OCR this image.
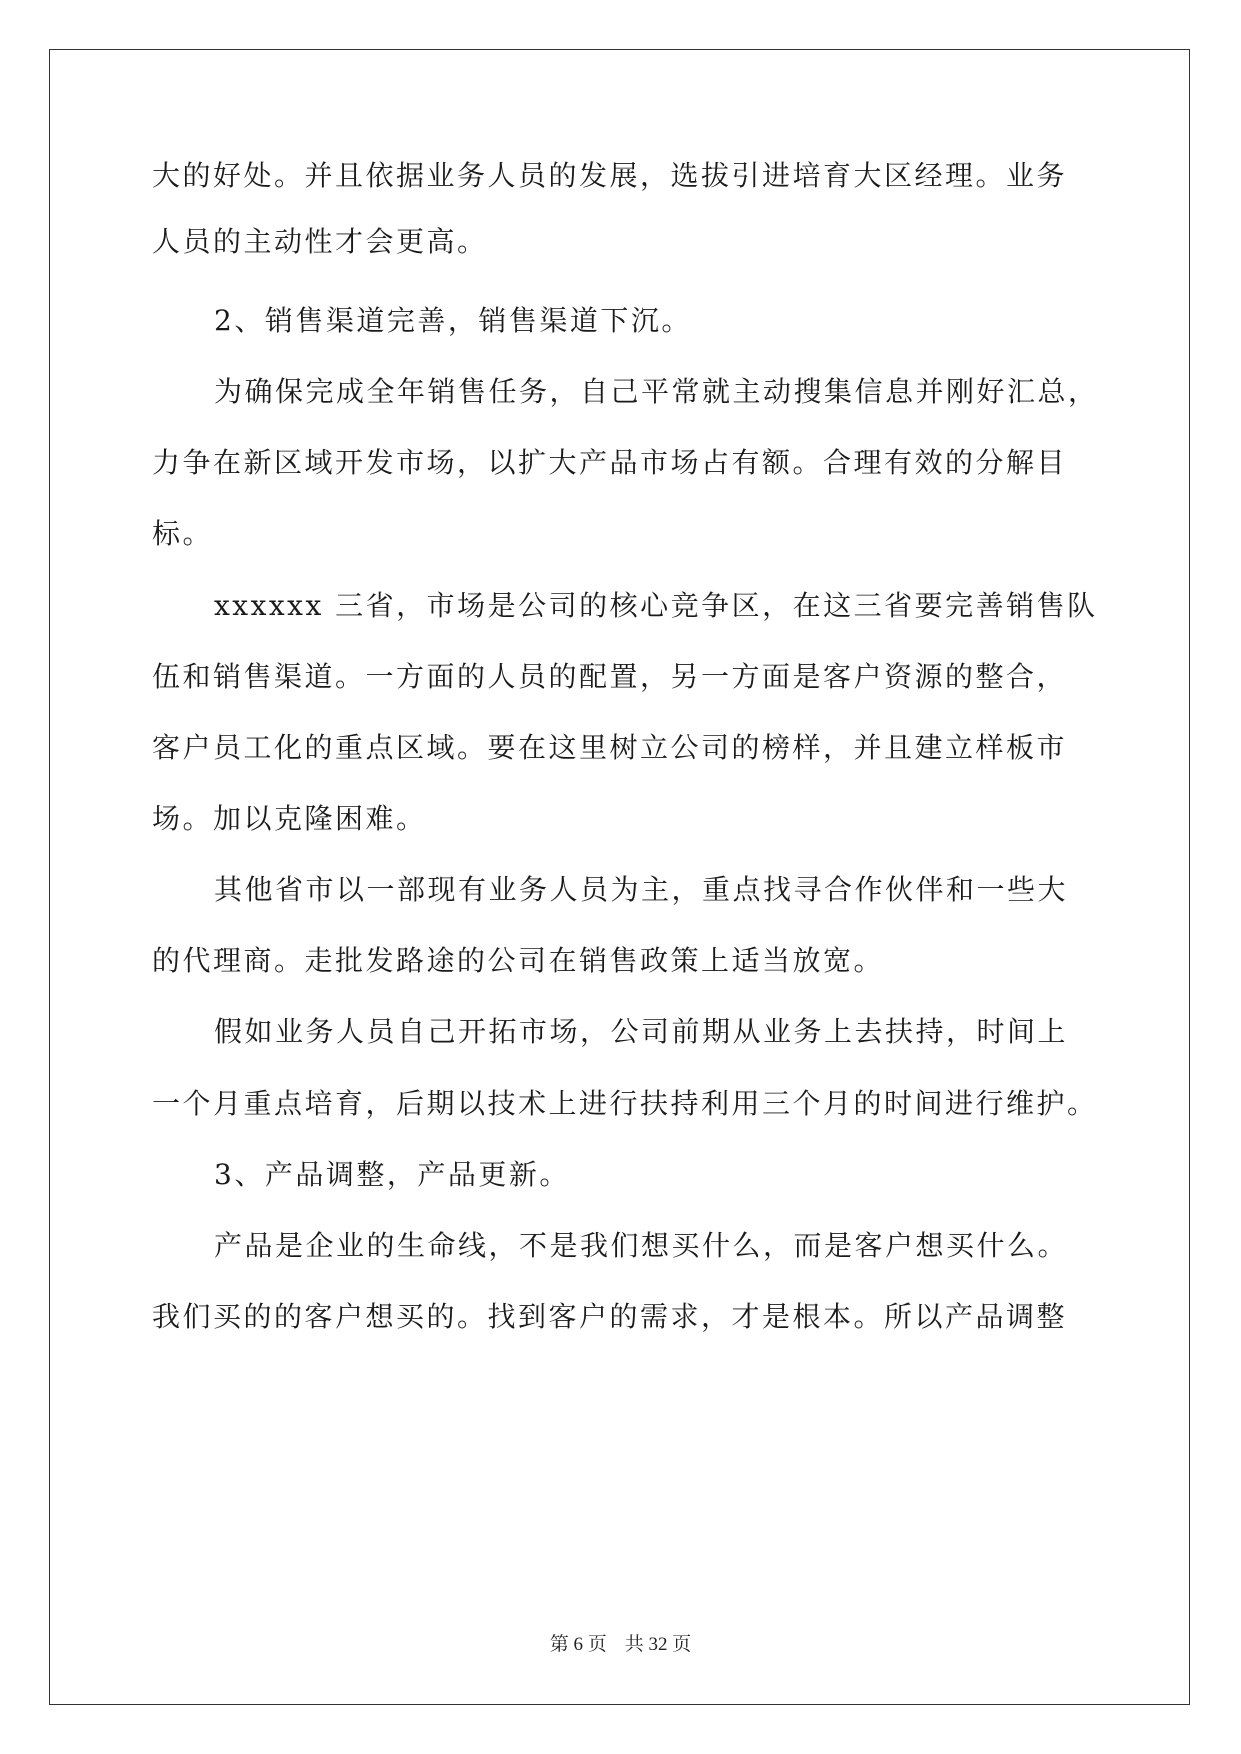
大的好处。并且依据业务人员的发展，选拔引进培育大区经理。业务
人员的主动性才会更高。
2、销售渠道完善，销售渠道下沉。
为确保完成全年销售任务，自己平常就主动搜集信息并刚好汇总，
力争在新区域开发市场，以扩大产品市场占有额。合理有效的分解目
标。
xxxxxx 三省，市场是公司的核心竞争区，在这三省要完善销售队
伍和销售渠道。一方面的人员的配置，另一方面是客户资源的整合，
客户员工化的重点区域。要在这里树立公司的榜样，并且建立样板市
场。加以克隆困难。
其他省市以一部现有业务人员为主，重点找寻合作伙伴和一些大
的代理商。走批发路途的公司在销售政策上适当放宽。
假如业务人员自己开拓市场，公司前期从业务上去扶持，时间上
一个月重点培育，后期以技术上进行扶持利用三个月的时间进行维护。
3、产品调整，产品更新。
产品是企业的生命线，不是我们想买什么，而是客户想买什么。
我们买的的客户想买的。找到客户的需求，才是根本。所以产品调整
第 6 页 共 32 页
